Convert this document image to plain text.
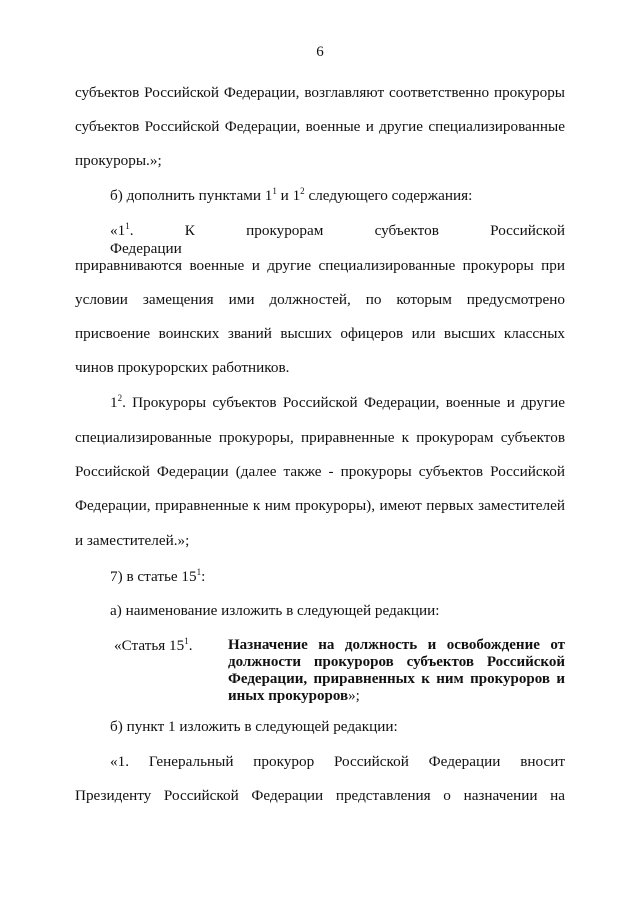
6
субъектов Российской Федерации, возглавляют соответственно прокуроры
субъектов Российской Федерации, военные и другие специализированные
прокуроры.»;
б) дополнить пунктами $1^1$ и $1^2$ следующего содержания:
«$1^1$. К прокурорам субъектов Российской Федерации
приравниваются военные и другие специализированные прокуроры при
условии замещения ими должностей, по которым предусмотрено
присвоение воинских званий высших офицеров или высших классных
чинов прокурорских работников.
$1^2$. Прокуроры субъектов Российской Федерации, военные и другие
специализированные прокуроры, приравненные к прокурорам субъектов
Российской Федерации (далее также - прокуроры субъектов Российской
Федерации, приравненные к ним прокуроры), имеют первых заместителей
и заместителей.»;
7) в статье $15^1$:
а) наименование изложить в следующей редакции:
«Статья $15^1$. Назначение на должность и освобождение от
должности прокуроров субъектов Российской
Федерации, приравненных к ним прокуроров и
иных прокуроров»;
б) пункт 1 изложить в следующей редакции:
«1. Генеральный прокурор Российской Федерации вносит
Президенту Российской Федерации представления о назначении на
